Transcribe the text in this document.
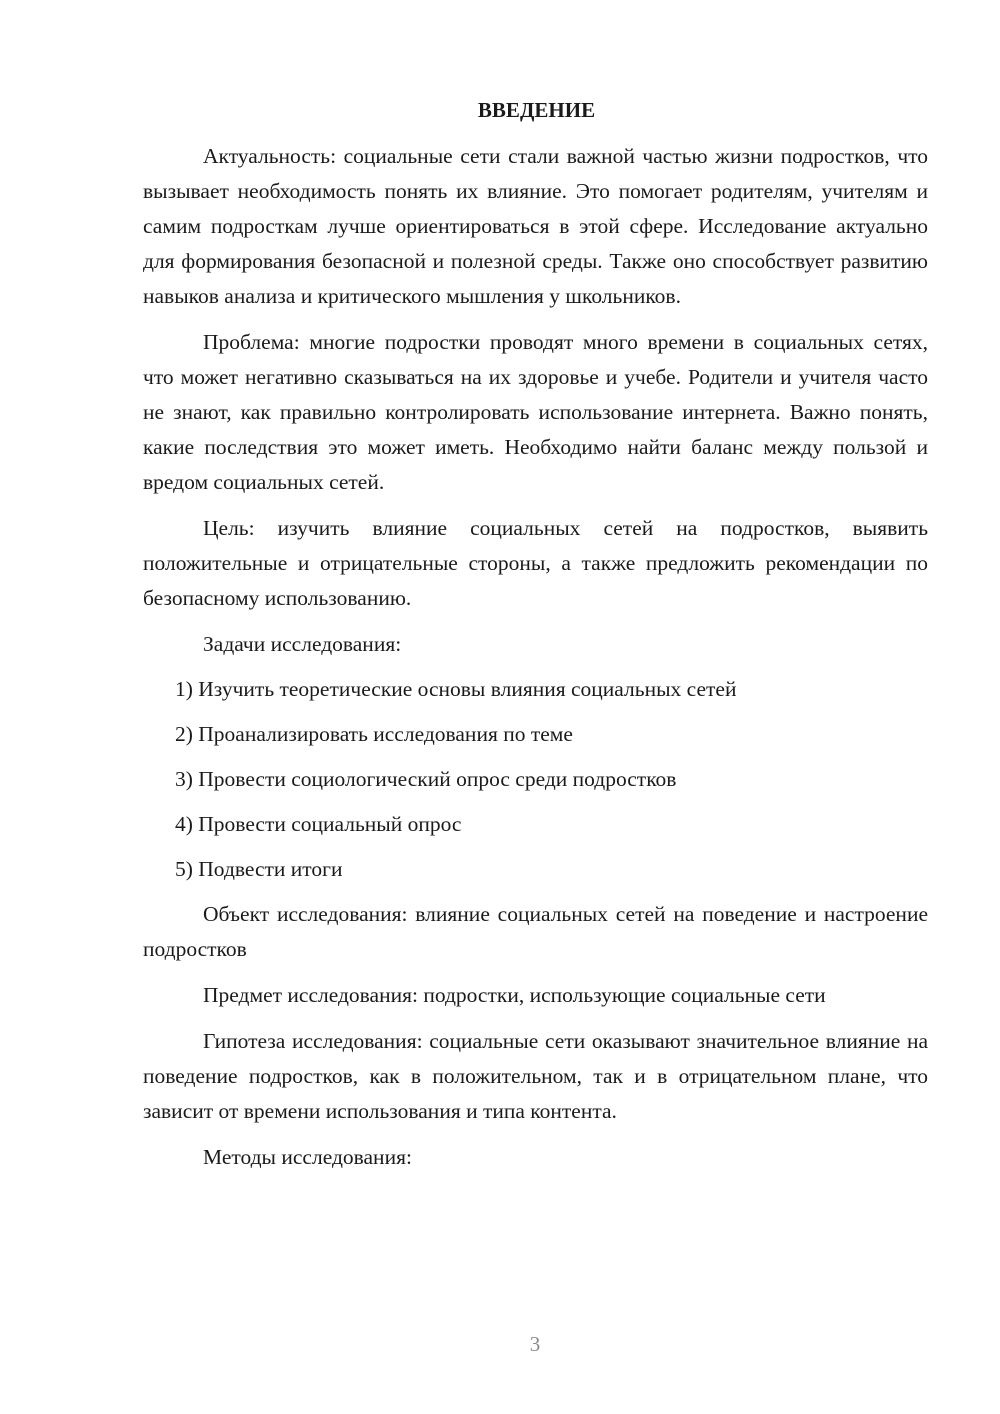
ВВЕДЕНИЕ

Актуальность: социальные сети стали важной частью жизни подростков, что вызывает необходимость понять их влияние. Это помогает родителям, учителям и самим подросткам лучше ориентироваться в этой сфере. Исследование актуально для формирования безопасной и полезной среды. Также оно способствует развитию навыков анализа и критического мышления у школьников.

Проблема: многие подростки проводят много времени в социальных сетях, что может негативно сказываться на их здоровье и учебе. Родители и учителя часто не знают, как правильно контролировать использование интернета. Важно понять, какие последствия это может иметь. Необходимо найти баланс между пользой и вредом социальных сетей.

Цель: изучить влияние социальных сетей на подростков, выявить положительные и отрицательные стороны, а также предложить рекомендации по безопасному использованию.

Задачи исследования:

1) Изучить теоретические основы влияния социальных сетей
2) Проанализировать исследования по теме
3) Провести социологический опрос среди подростков
4) Провести социальный опрос
5) Подвести итоги

Объект исследования: влияние социальных сетей на поведение и настроение подростков

Предмет исследования: подростки, использующие социальные сети

Гипотеза исследования: социальные сети оказывают значительное влияние на поведение подростков, как в положительном, так и в отрицательном плане, что зависит от времени использования и типа контента.

Методы исследования:

3
